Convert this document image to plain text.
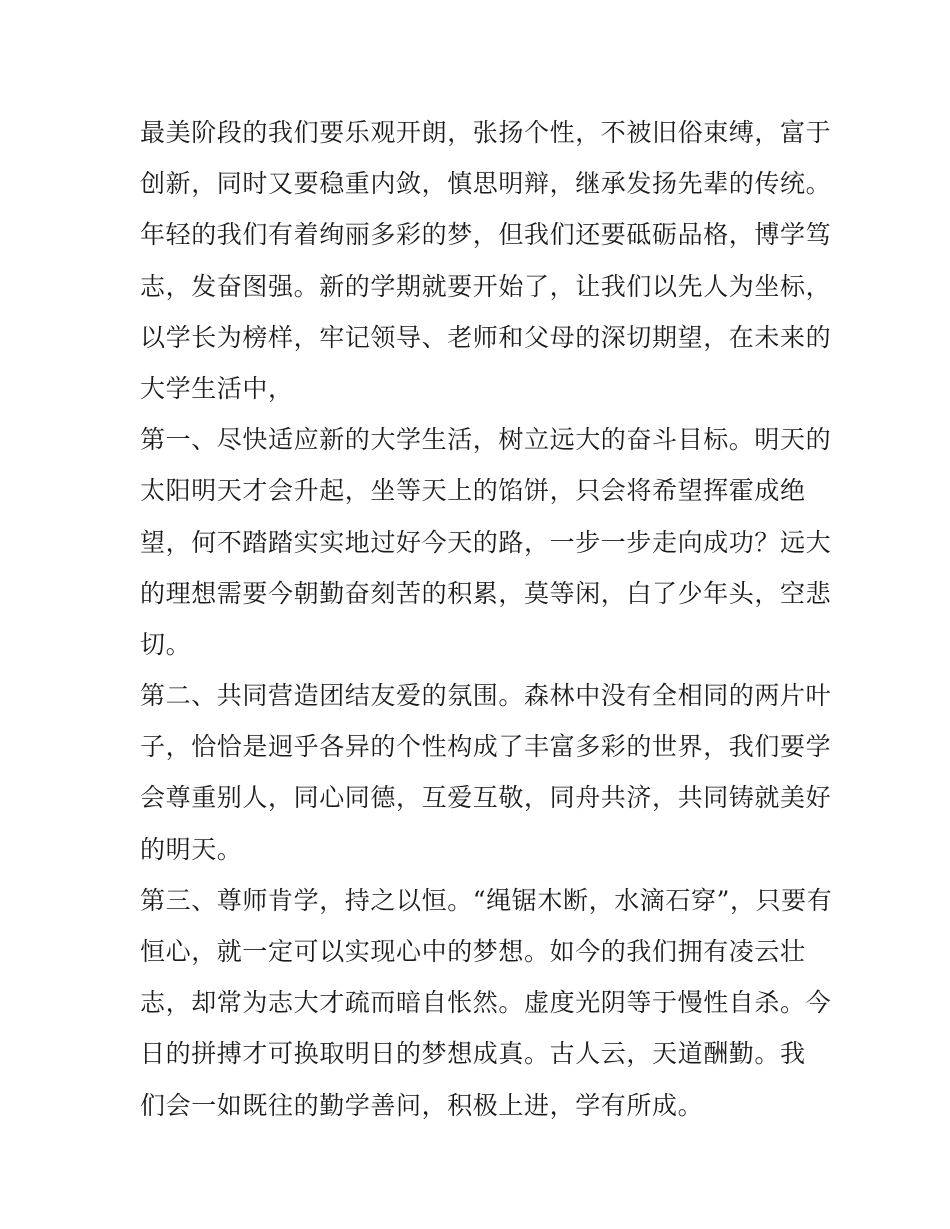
最美阶段的我们要乐观开朗，张扬个性，不被旧俗束缚，富于
创新，同时又要稳重内敛，慎思明辩，继承发扬先辈的传统。
年轻的我们有着绚丽多彩的梦，但我们还要砥砺品格，博学笃
志，发奋图强。新的学期就要开始了，让我们以先人为坐标，
以学长为榜样，牢记领导、老师和父母的深切期望，在未来的
大学生活中，
第一、尽快适应新的大学生活，树立远大的奋斗目标。明天的
太阳明天才会升起，坐等天上的馅饼，只会将希望挥霍成绝
望，何不踏踏实实地过好今天的路，一步一步走向成功？远大
的理想需要今朝勤奋刻苦的积累，莫等闲，白了少年头，空悲
切。
第二、共同营造团结友爱的氛围。森林中没有全相同的两片叶
子，恰恰是迥乎各异的个性构成了丰富多彩的世界，我们要学
会尊重别人，同心同德，互爱互敬，同舟共济，共同铸就美好
的明天。
第三、尊师肯学，持之以恒。“绳锯木断，水滴石穿”，只要有
恒心，就一定可以实现心中的梦想。如今的我们拥有凌云壮
志，却常为志大才疏而暗自怅然。虚度光阴等于慢性自杀。今
日的拼搏才可换取明日的梦想成真。古人云，天道酬勤。我
们会一如既往的勤学善问，积极上进，学有所成。
